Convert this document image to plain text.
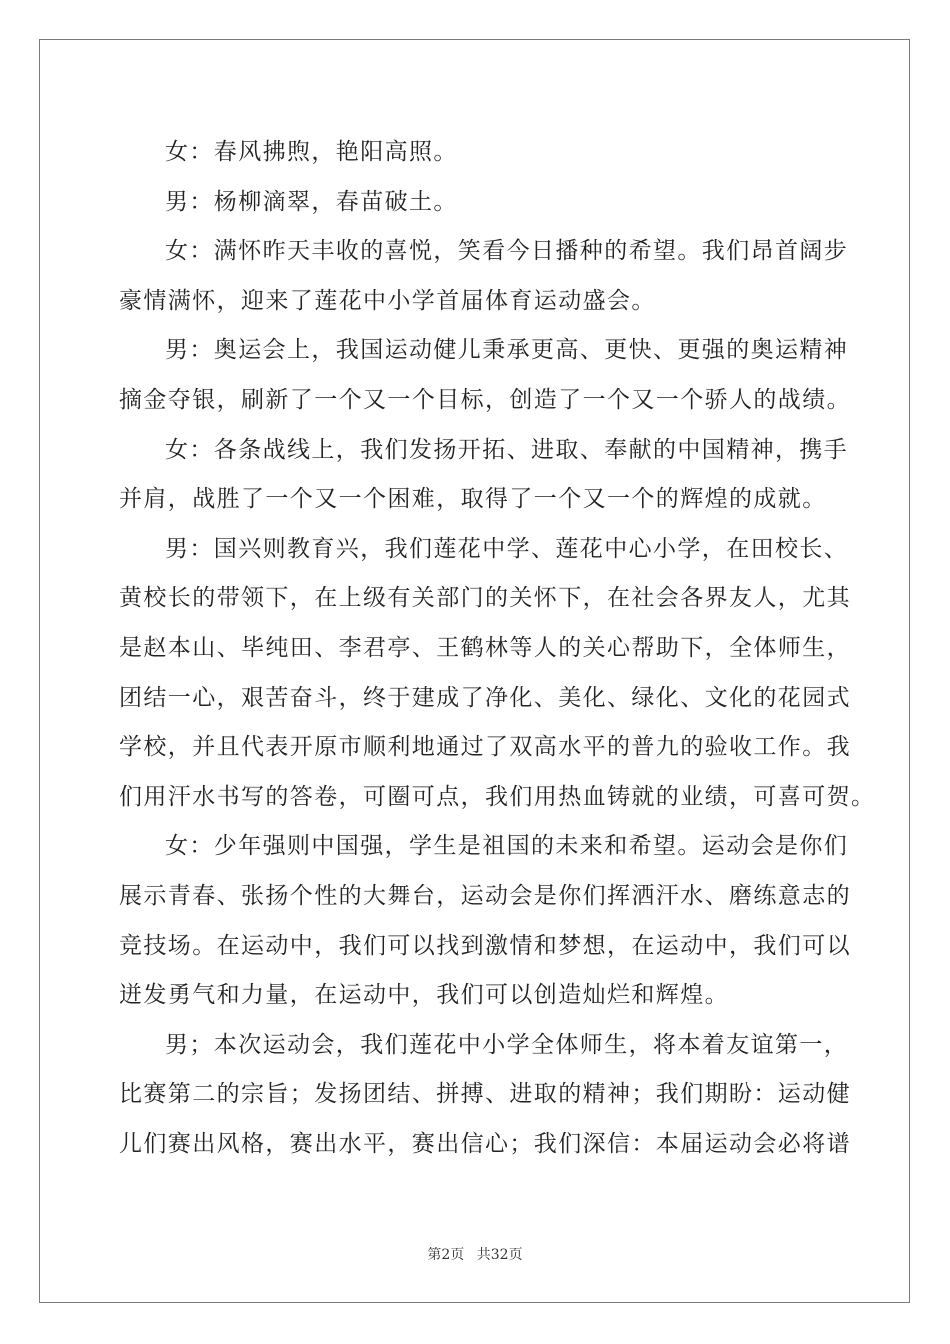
女：春风拂煦，艳阳高照。
男：杨柳滴翠，春苗破土。
女：满怀昨天丰收的喜悦，笑看今日播种的希望。我们昂首阔步
豪情满怀，迎来了莲花中小学首届体育运动盛会。
男：奥运会上，我国运动健儿秉承更高、更快、更强的奥运精神
摘金夺银，刷新了一个又一个目标，创造了一个又一个骄人的战绩。
女：各条战线上，我们发扬开拓、进取、奉献的中国精神，携手
并肩，战胜了一个又一个困难，取得了一个又一个的辉煌的成就。
男：国兴则教育兴，我们莲花中学、莲花中心小学，在田校长、
黄校长的带领下，在上级有关部门的关怀下，在社会各界友人，尤其
是赵本山、毕纯田、李君亭、王鹤林等人的关心帮助下，全体师生，
团结一心，艰苦奋斗，终于建成了净化、美化、绿化、文化的花园式
学校，并且代表开原市顺利地通过了双高水平的普九的验收工作。我
们用汗水书写的答卷，可圈可点，我们用热血铸就的业绩，可喜可贺。
女：少年强则中国强，学生是祖国的未来和希望。运动会是你们
展示青春、张扬个性的大舞台，运动会是你们挥洒汗水、磨练意志的
竞技场。在运动中，我们可以找到激情和梦想，在运动中，我们可以
迸发勇气和力量，在运动中，我们可以创造灿烂和辉煌。
男；本次运动会，我们莲花中小学全体师生，将本着友谊第一，
比赛第二的宗旨；发扬团结、拼搏、进取的精神；我们期盼：运动健
儿们赛出风格，赛出水平，赛出信心；我们深信：本届运动会必将谱
第2页 共32页
